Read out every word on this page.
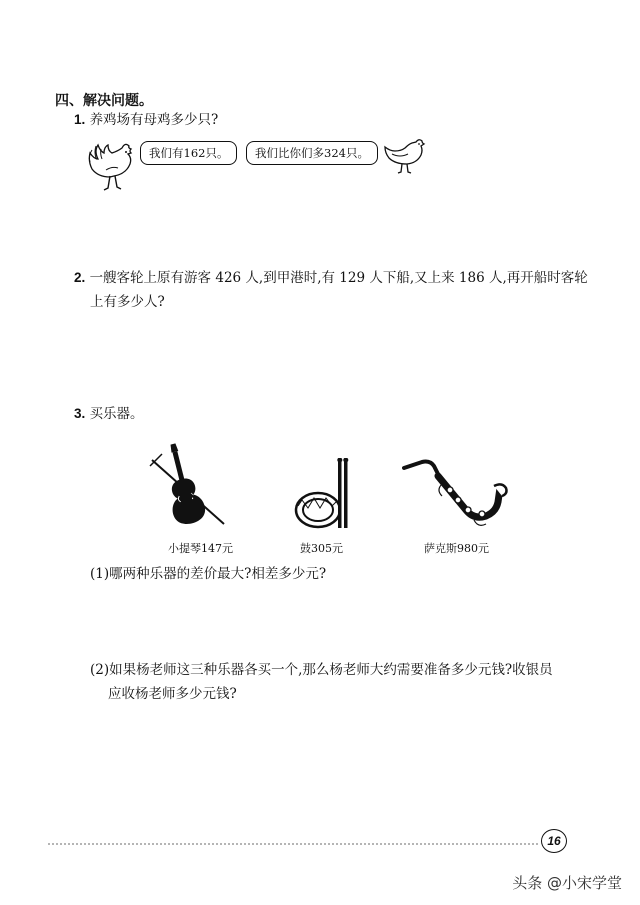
四、解决问题。
1. 养鸡场有母鸡多少只?
我们有162只。	我们比你们多324只。
2. 一艘客轮上原有游客 426 人,到甲港时,有 129 人下船,又上来 186 人,再开船时客轮
上有多少人?
3. 买乐器。
小提琴147元	鼓305元	萨克斯980元
(1)哪两种乐器的差价最大?相差多少元?
(2)如果杨老师这三种乐器各买一个,那么杨老师大约需要准备多少元钱?收银员
应收杨老师多少元钱?
16
头条 @小宋学堂
